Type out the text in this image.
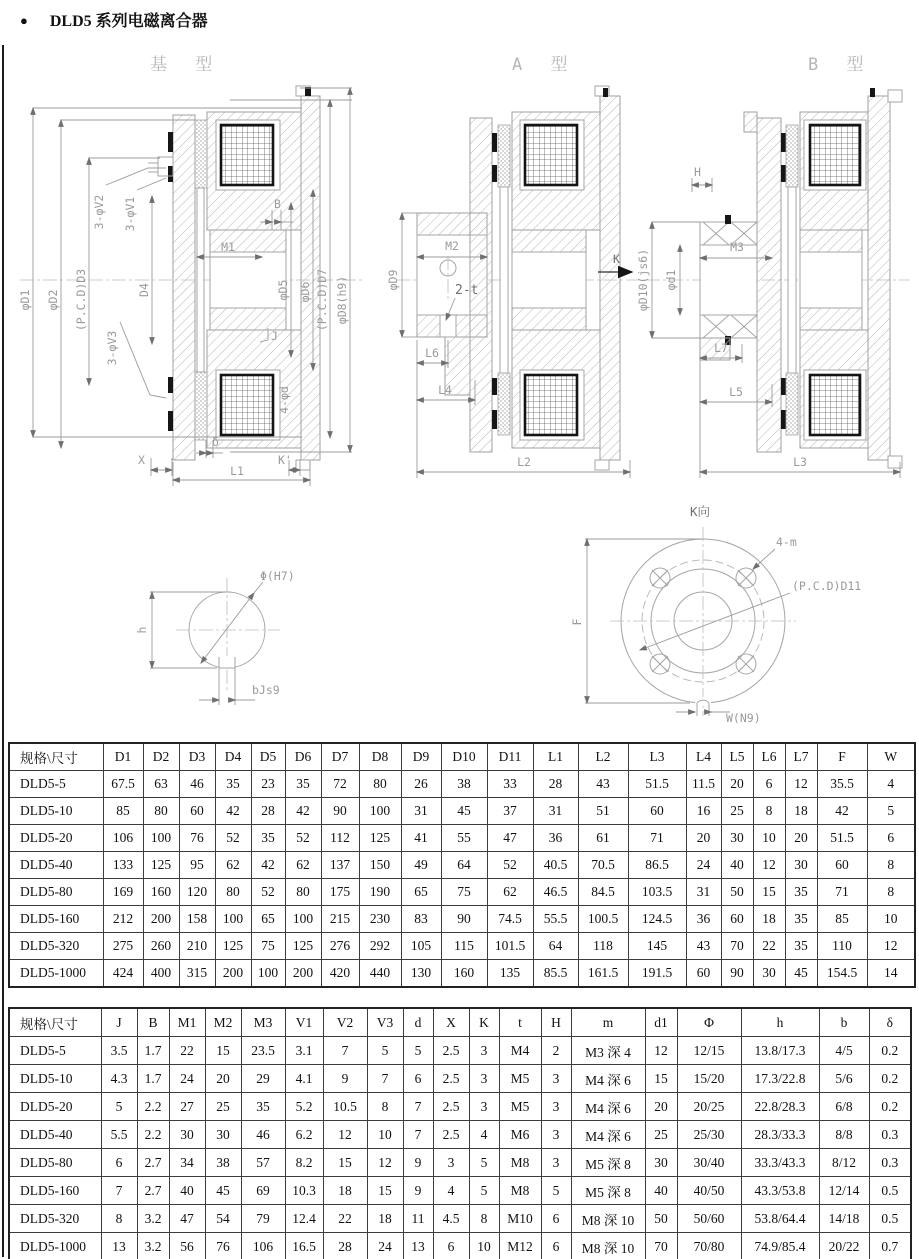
● DLD5 系列电磁离合器
基 型
φD1 φD2 (P.C.D)D3	D4	(P.C.D)D7 φD8(h9)
3-φV2 3-φV1
3-φV3
4-φd
M1
φD5 φD6
B
J
δ
X	K'
L1
A 型
K
M2
φD9
2-t
L6
L4
L2
B 型
H
φD10(js6) φd1
M3
L7
L5
L3
Φ(H7)
h
bJs9
K向
W(N9)
4-m
(P.C.D)D11
F
规格\尺寸	D1	D2	D3	D4	D5	D6	D7	D8	D9	D10	D11	L1	L2	L3	L4	L5	L6	L7	F	W
DLD5-5	67.5	63	46	35	23	35	72	80	26	38	33	28	43	51.5	11.5	20	6	12	35.5	4
DLD5-10	85	80	60	42	28	42	90	100	31	45	37	31	51	60	16	25	8	18	42	5
DLD5-20	106	100	76	52	35	52	112	125	41	55	47	36	61	71	20	30	10	20	51.5	6
DLD5-40	133	125	95	62	42	62	137	150	49	64	52	40.5	70.5	86.5	24	40	12	30	60	8
DLD5-80	169	160	120	80	52	80	175	190	65	75	62	46.5	84.5	103.5	31	50	15	35	71	8
DLD5-160	212	200	158	100	65	100	215	230	83	90	74.5	55.5	100.5	124.5	36	60	18	35	85	10
DLD5-320	275	260	210	125	75	125	276	292	105	115	101.5	64	118	145	43	70	22	35	110	12
DLD5-1000	424	400	315	200	100	200	420	440	130	160	135	85.5	161.5	191.5	60	90	30	45	154.5	14
规格\尺寸	J	B	M1	M2	M3	V1	V2	V3	d	X	K	t	H	m	d1	Φ	h	b	δ
DLD5-5	3.5	1.7	22	15	23.5	3.1	7	5	5	2.5	3	M4	2	M3 深 4	12	12/15	13.8/17.3	4/5	0.2
DLD5-10	4.3	1.7	24	20	29	4.1	9	7	6	2.5	3	M5	3	M4 深 6	15	15/20	17.3/22.8	5/6	0.2
DLD5-20	5	2.2	27	25	35	5.2	10.5	8	7	2.5	3	M5	3	M4 深 6	20	20/25	22.8/28.3	6/8	0.2
DLD5-40	5.5	2.2	30	30	46	6.2	12	10	7	2.5	4	M6	3	M4 深 6	25	25/30	28.3/33.3	8/8	0.3
DLD5-80	6	2.7	34	38	57	8.2	15	12	9	3	5	M8	3	M5 深 8	30	30/40	33.3/43.3	8/12	0.3
DLD5-160	7	2.7	40	45	69	10.3	18	15	9	4	5	M8	5	M5 深 8	40	40/50	43.3/53.8	12/14	0.5
DLD5-320	8	3.2	47	54	79	12.4	22	18	11	4.5	8	M10	6	M8 深 10	50	50/60	53.8/64.4	14/18	0.5
DLD5-1000	13	3.2	56	76	106	16.5	28	24	13	6	10	M12	6	M8 深 10	70	70/80	74.9/85.4	20/22	0.7
